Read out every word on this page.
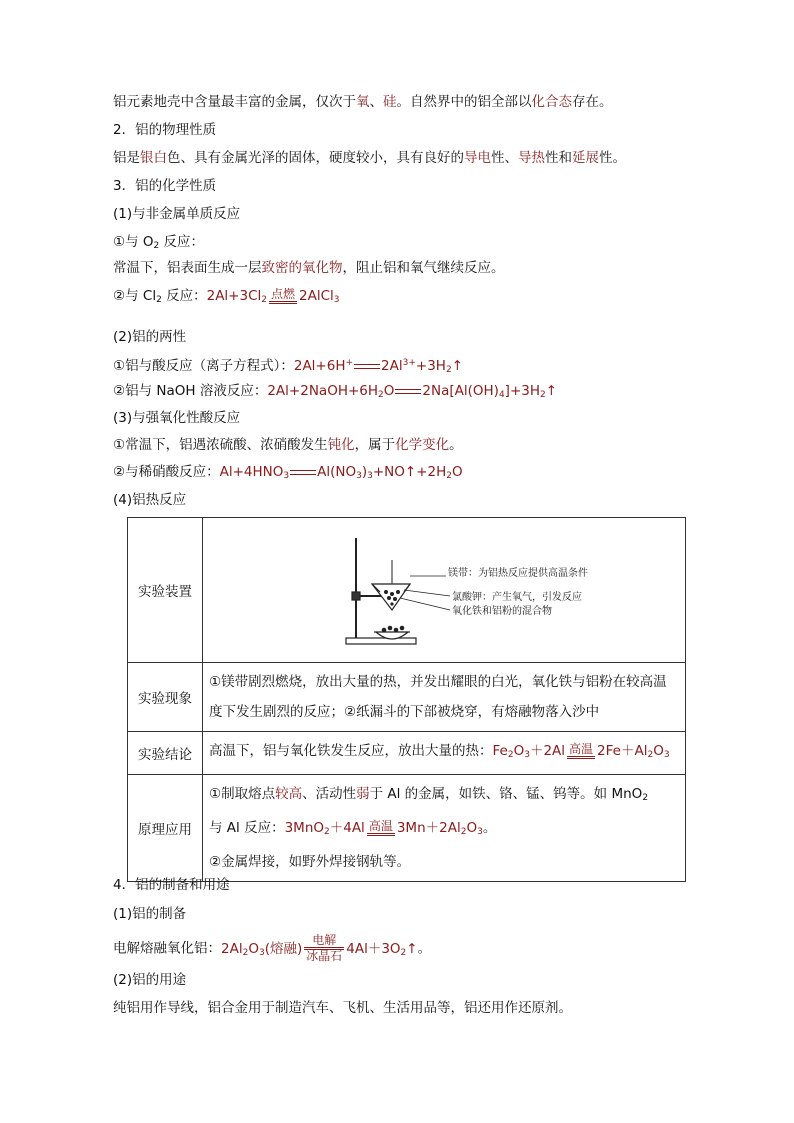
铝元素地壳中含量最丰富的金属，仅次于氧、硅。自然界中的铝全部以化合态存在。
2．铝的物理性质
铝是银白色、具有金属光泽的固体，硬度较小，具有良好的导电性、导热性和延展性。
3．铝的化学性质
(1)与非金属单质反应
①与 $O_2$ 反应：
常温下，铝表面生成一层致密的氧化物，阻止铝和氧气继续反应。
②与 $Cl_2$ 反应：$2Al+3Cl_2$ 点燃 2AlCl$_3$
(2)铝的两性
①铝与酸反应（离子方程式）：2Al+6H+ $2Al^{3+}+3H_2↑$
②铝与 NaOH 溶液反应：$2Al+2NaOH+6H_2O$ $2Na[Al(OH)_4]+3H_2↑$
(3)与强氧化性酸反应
①常温下，铝遇浓硫酸、浓硝酸发生钝化，属于化学变化。
②与稀硝酸反应：$Al+4HNO_3$ $Al(NO_3)_3+NO↑+2H_2O$
(4)铝热反应
实验装置	镁带：为铝热反应提供高温条件
氯酸钾：产生氧气，引发反应
氧化铁和铝粉的混合物

实验现象	①镁带剧烈燃烧，放出大量的热，并发出耀眼的白光，氧化铁与铝粉在较高温度下发生剧烈的反应；②纸漏斗的下部被烧穿，有熔融物落入沙中
实验结论	高温下，铝与氧化铁发生反应，放出大量的热：$Fe_2O_3+2Al$ 高温 $2Fe+Al_2O_3$
原理应用	①制取熔点较高、活动性弱于 Al 的金属，如铁、铬、锰、钨等。如 MnO$_2$
与 Al 反应：3MnO$_2$＋4Al 高温 $3Mn+2Al_2O_3$。
②金属焊接，如野外焊接钢轨等。
4．铝的制备和用途
(1)铝的制备
电解熔融氧化铝：$2Al_2O_3$(熔融)
电解
冰晶石 $4Al+3O_2↑$。
(2)铝的用途
纯铝用作导线，铝合金用于制造汽车、飞机、生活用品等，铝还用作还原剂。
